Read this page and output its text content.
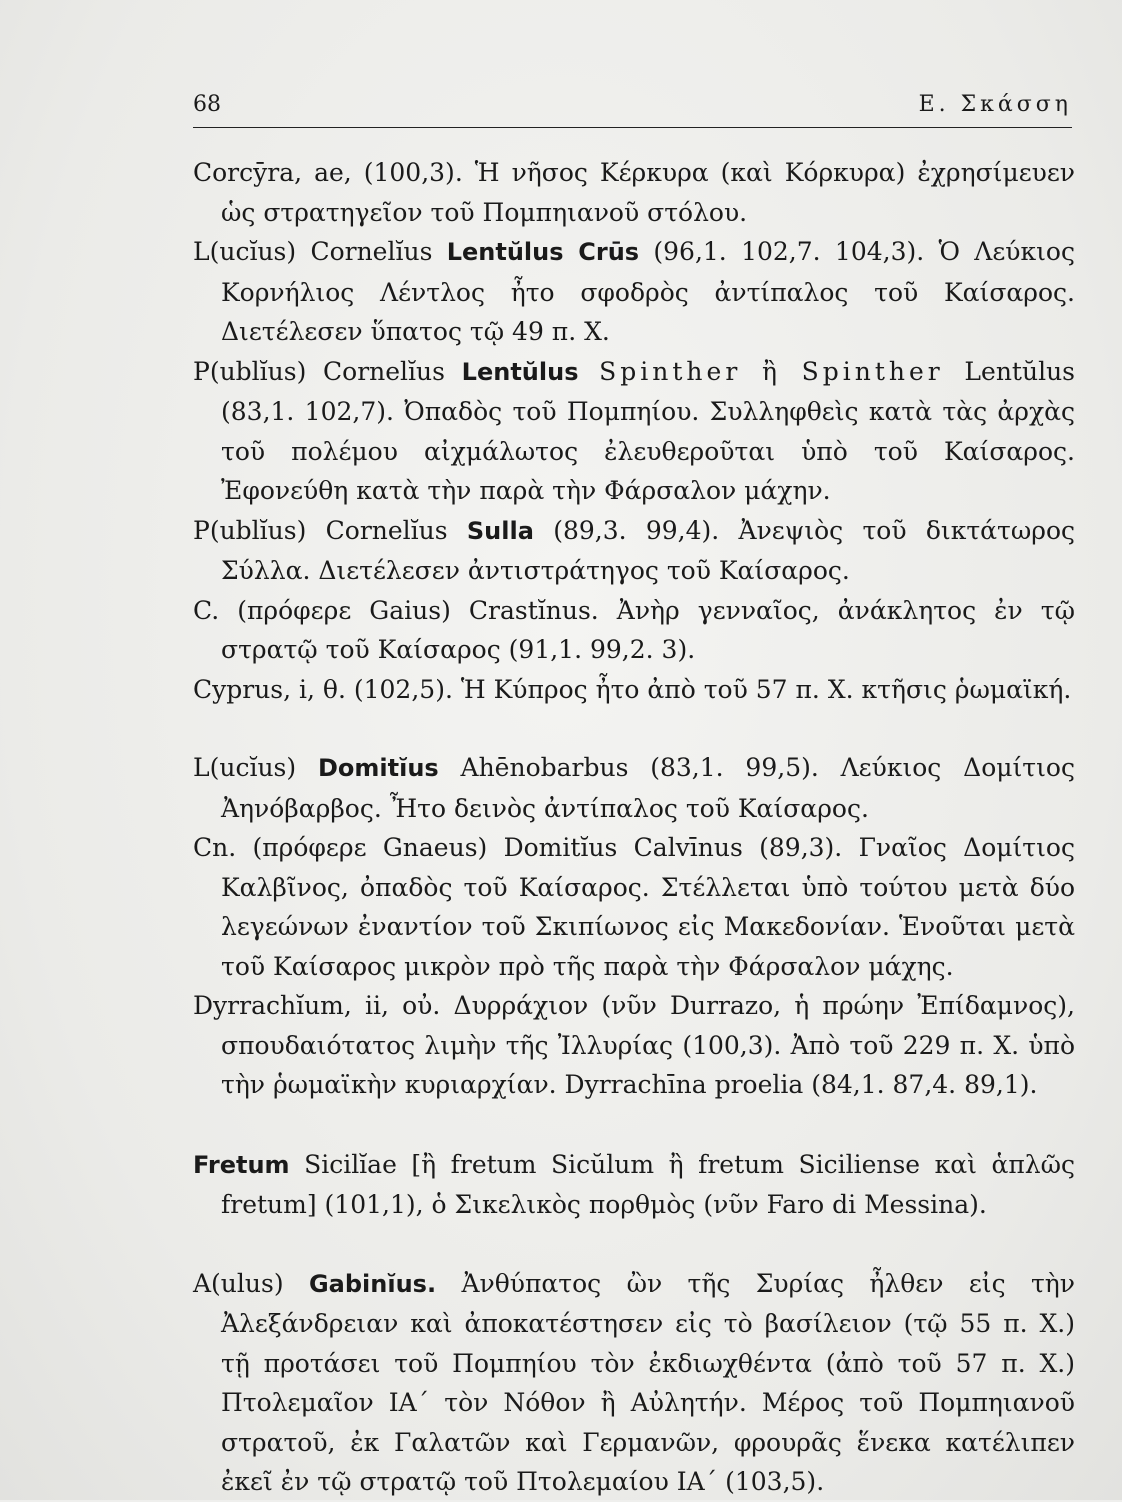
68	Ε. Σκάσση

Corcȳra, ae, (100,3). Ἡ νῆσος Κέρκυρα (καὶ Κόρκυρα) ἐχρησίμευεν ὡς στρατηγεῖον τοῦ Πομπηιανοῦ στόλου.

L(ucĭus) Cornelĭus Lentŭlus Crūs (96,1. 102,7. 104,3). Ὁ Λεύκιος Κορνήλιος Λέντλος ἦτο σφοδρὸς ἀντίπαλος τοῦ Καίσαρος. Διετέλεσεν ὕπατος τῷ 49 π. Χ.

P(ublĭus) Cornelĭus Lentŭlus Spinther ἢ Spinther Lentŭlus (83,1. 102,7). Ὀπαδὸς τοῦ Πομπηίου. Συλληφθεὶς κατὰ τὰς ἀρχὰς τοῦ πολέμου αἰχμάλωτος ἐλευθεροῦται ὑπὸ τοῦ Καίσαρος. Ἐφονεύθη κατὰ τὴν παρὰ τὴν Φάρσαλον μάχην.

P(ublĭus) Cornelĭus Sulla (89,3. 99,4). Ἀνεψιὸς τοῦ δικτάτωρος Σύλλα. Διετέλεσεν ἀντιστράτηγος τοῦ Καίσαρος.

C. (πρόφερε Gaius) Crastĭnus. Ἀνὴρ γενναῖος, ἀνάκλητος ἐν τῷ στρατῷ τοῦ Καίσαρος (91,1. 99,2. 3).

Cyprus, i, θ. (102,5). Ἡ Κύπρος ἦτο ἀπὸ τοῦ 57 π. Χ. κτῆσις ῥωμαϊκή.

L(ucĭus) Domitĭus Ahēnobarbus (83,1. 99,5). Λεύκιος Δομίτιος Ἀηνόβαρβος. Ἦτο δεινὸς ἀντίπαλος τοῦ Καίσαρος.

Cn. (πρόφερε Gnaeus) Domitĭus Calvīnus (89,3). Γναῖος Δομίτιος Καλβῖνος, ὀπαδὸς τοῦ Καίσαρος. Στέλλεται ὑπὸ τούτου μετὰ δύο λεγεώνων ἐναντίον τοῦ Σκιπίωνος εἰς Μακεδονίαν. Ἑνοῦται μετὰ τοῦ Καίσαρος μικρὸν πρὸ τῆς παρὰ τὴν Φάρσαλον μάχης.

Dyrrachĭum, ii, οὐ. Δυρράχιον (νῦν Durrazo, ἡ πρώην Ἐπίδαμνος), σπουδαιότατος λιμὴν τῆς Ἰλλυρίας (100,3). Ἀπὸ τοῦ 229 π. Χ. ὑπὸ τὴν ῥωμαϊκὴν κυριαρχίαν. Dyrrachīna proelia (84,1. 87,4. 89,1).

Fretum Sicilĭae [ἢ fretum Sicŭlum ἢ fretum Siciliense καὶ ἁπλῶς fretum] (101,1), ὁ Σικελικὸς πορθμὸς (νῦν Faro di Messina).

A(ulus) Gabinĭus. Ἀνθύπατος ὢν τῆς Συρίας ἦλθεν εἰς τὴν Ἀλεξάνδρειαν καὶ ἀποκατέστησεν εἰς τὸ βασίλειον (τῷ 55 π. Χ.) τῇ προτάσει τοῦ Πομπηίου τὸν ἐκδιωχθέντα (ἀπὸ τοῦ 57 π. Χ.) Πτολεμαῖον ΙΑ΄ τὸν Νόθον ἢ Αὐλητήν. Μέρος τοῦ Πομπηιανοῦ στρατοῦ, ἐκ Γαλατῶν καὶ Γερμανῶν, φρουρᾶς ἕνεκα κατέλιπεν ἐκεῖ ἐν τῷ στρατῷ τοῦ Πτολεμαίου ΙΑ΄ (103,5).
